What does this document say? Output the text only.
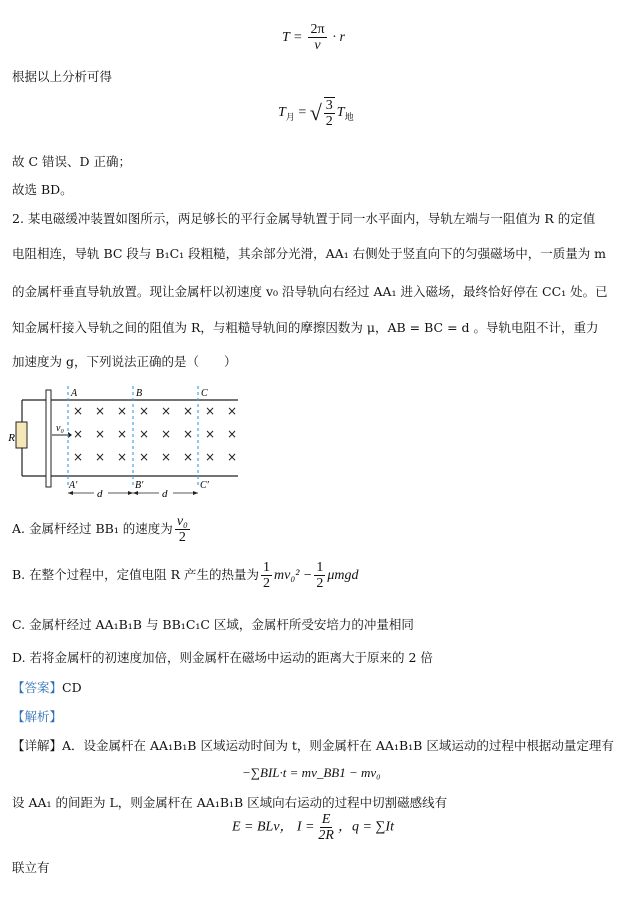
$T = \frac{2\pi}{v} \cdot r$
根据以上分析可得
$T_月$ = √ $\frac{3}{2} T_地$
故 C 错误、D 正确；
故选 BD。
2. 某电磁缓冲装置如图所示，两足够长的平行金属导轨置于同一水平面内，导轨左端与一阻值为 R 的定值
电阻相连，导轨 BC 段与 B₁C₁ 段粗糙，其余部分光滑，AA₁ 右侧处于竖直向下的匀强磁场中，一质量为 m
的金属杆垂直导轨放置。现让金属杆以初速度 v₀ 沿导轨向右经过 AA₁ 进入磁场，最终恰好停在 CC₁ 处。已
知金属杆接入导轨之间的阻值为 R，与粗糙导轨间的摩擦因数为 μ，AB = BC = d 。导轨电阻不计，重力
加速度为 g，下列说法正确的是（　　）
R
v₀
A	B	C
A′	B′	C′
× × × × × × × ×
× × × × × × × ×
× × × × × × × ×
d	d
A. 金属杆经过 BB₁ 的速度为 $\frac{\text{v₀}}{2}$
B. 在整个过程中，定值电阻 R 产生的热量为 $\frac{1}{2} mv_0^2 - \frac{1}{2}$ μmgd
C. 金属杆经过 AA₁B₁B 与 BB₁C₁C 区域，金属杆所受安培力的冲量相同
D. 若将金属杆的初速度加倍，则金属杆在磁场中运动的距离大于原来的 2 倍
【答案】CD
【解析】
【详解】A．设金属杆在 AA₁B₁B 区域运动时间为 t，则金属杆在 AA₁B₁B 区域运动的过程中根据动量定理有
−∑BIL·t = mv_BB1 − mv₀
设 AA₁ 的间距为 L，则金属杆在 AA₁B₁B 区域向右运动的过程中切割磁感线有
E = BLv， $I = \frac{E}{2R}$ ，q = ∑It
联立有
